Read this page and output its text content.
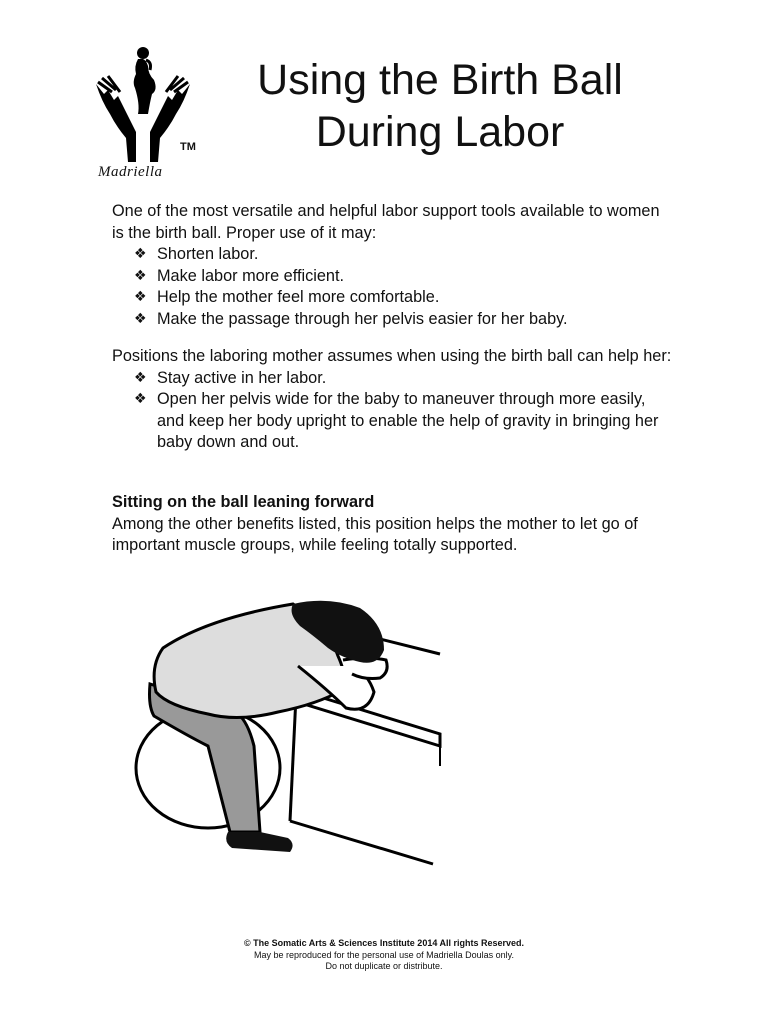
TM
Madriella
Using the Birth Ball
During Labor

One of the most versatile and helpful labor support tools available to women is the birth ball. Proper use of it may:

❖ Shorten labor.
❖ Make labor more efficient.
❖ Help the mother feel more comfortable.
❖ Make the passage through her pelvis easier for her baby.

Positions the laboring mother assumes when using the birth ball can help her:

❖ Stay active in her labor.
❖ Open her pelvis wide for the baby to maneuver through more easily, and keep her body upright to enable the help of gravity in bringing her baby down and out.
Sitting on the ball leaning forward

Among the other benefits listed, this position helps the mother to let go of important muscle groups, while feeling totally supported.

© The Somatic Arts & Sciences Institute 2014 All rights Reserved.
May be reproduced for the personal use of Madriella Doulas only.
Do not duplicate or distribute.
